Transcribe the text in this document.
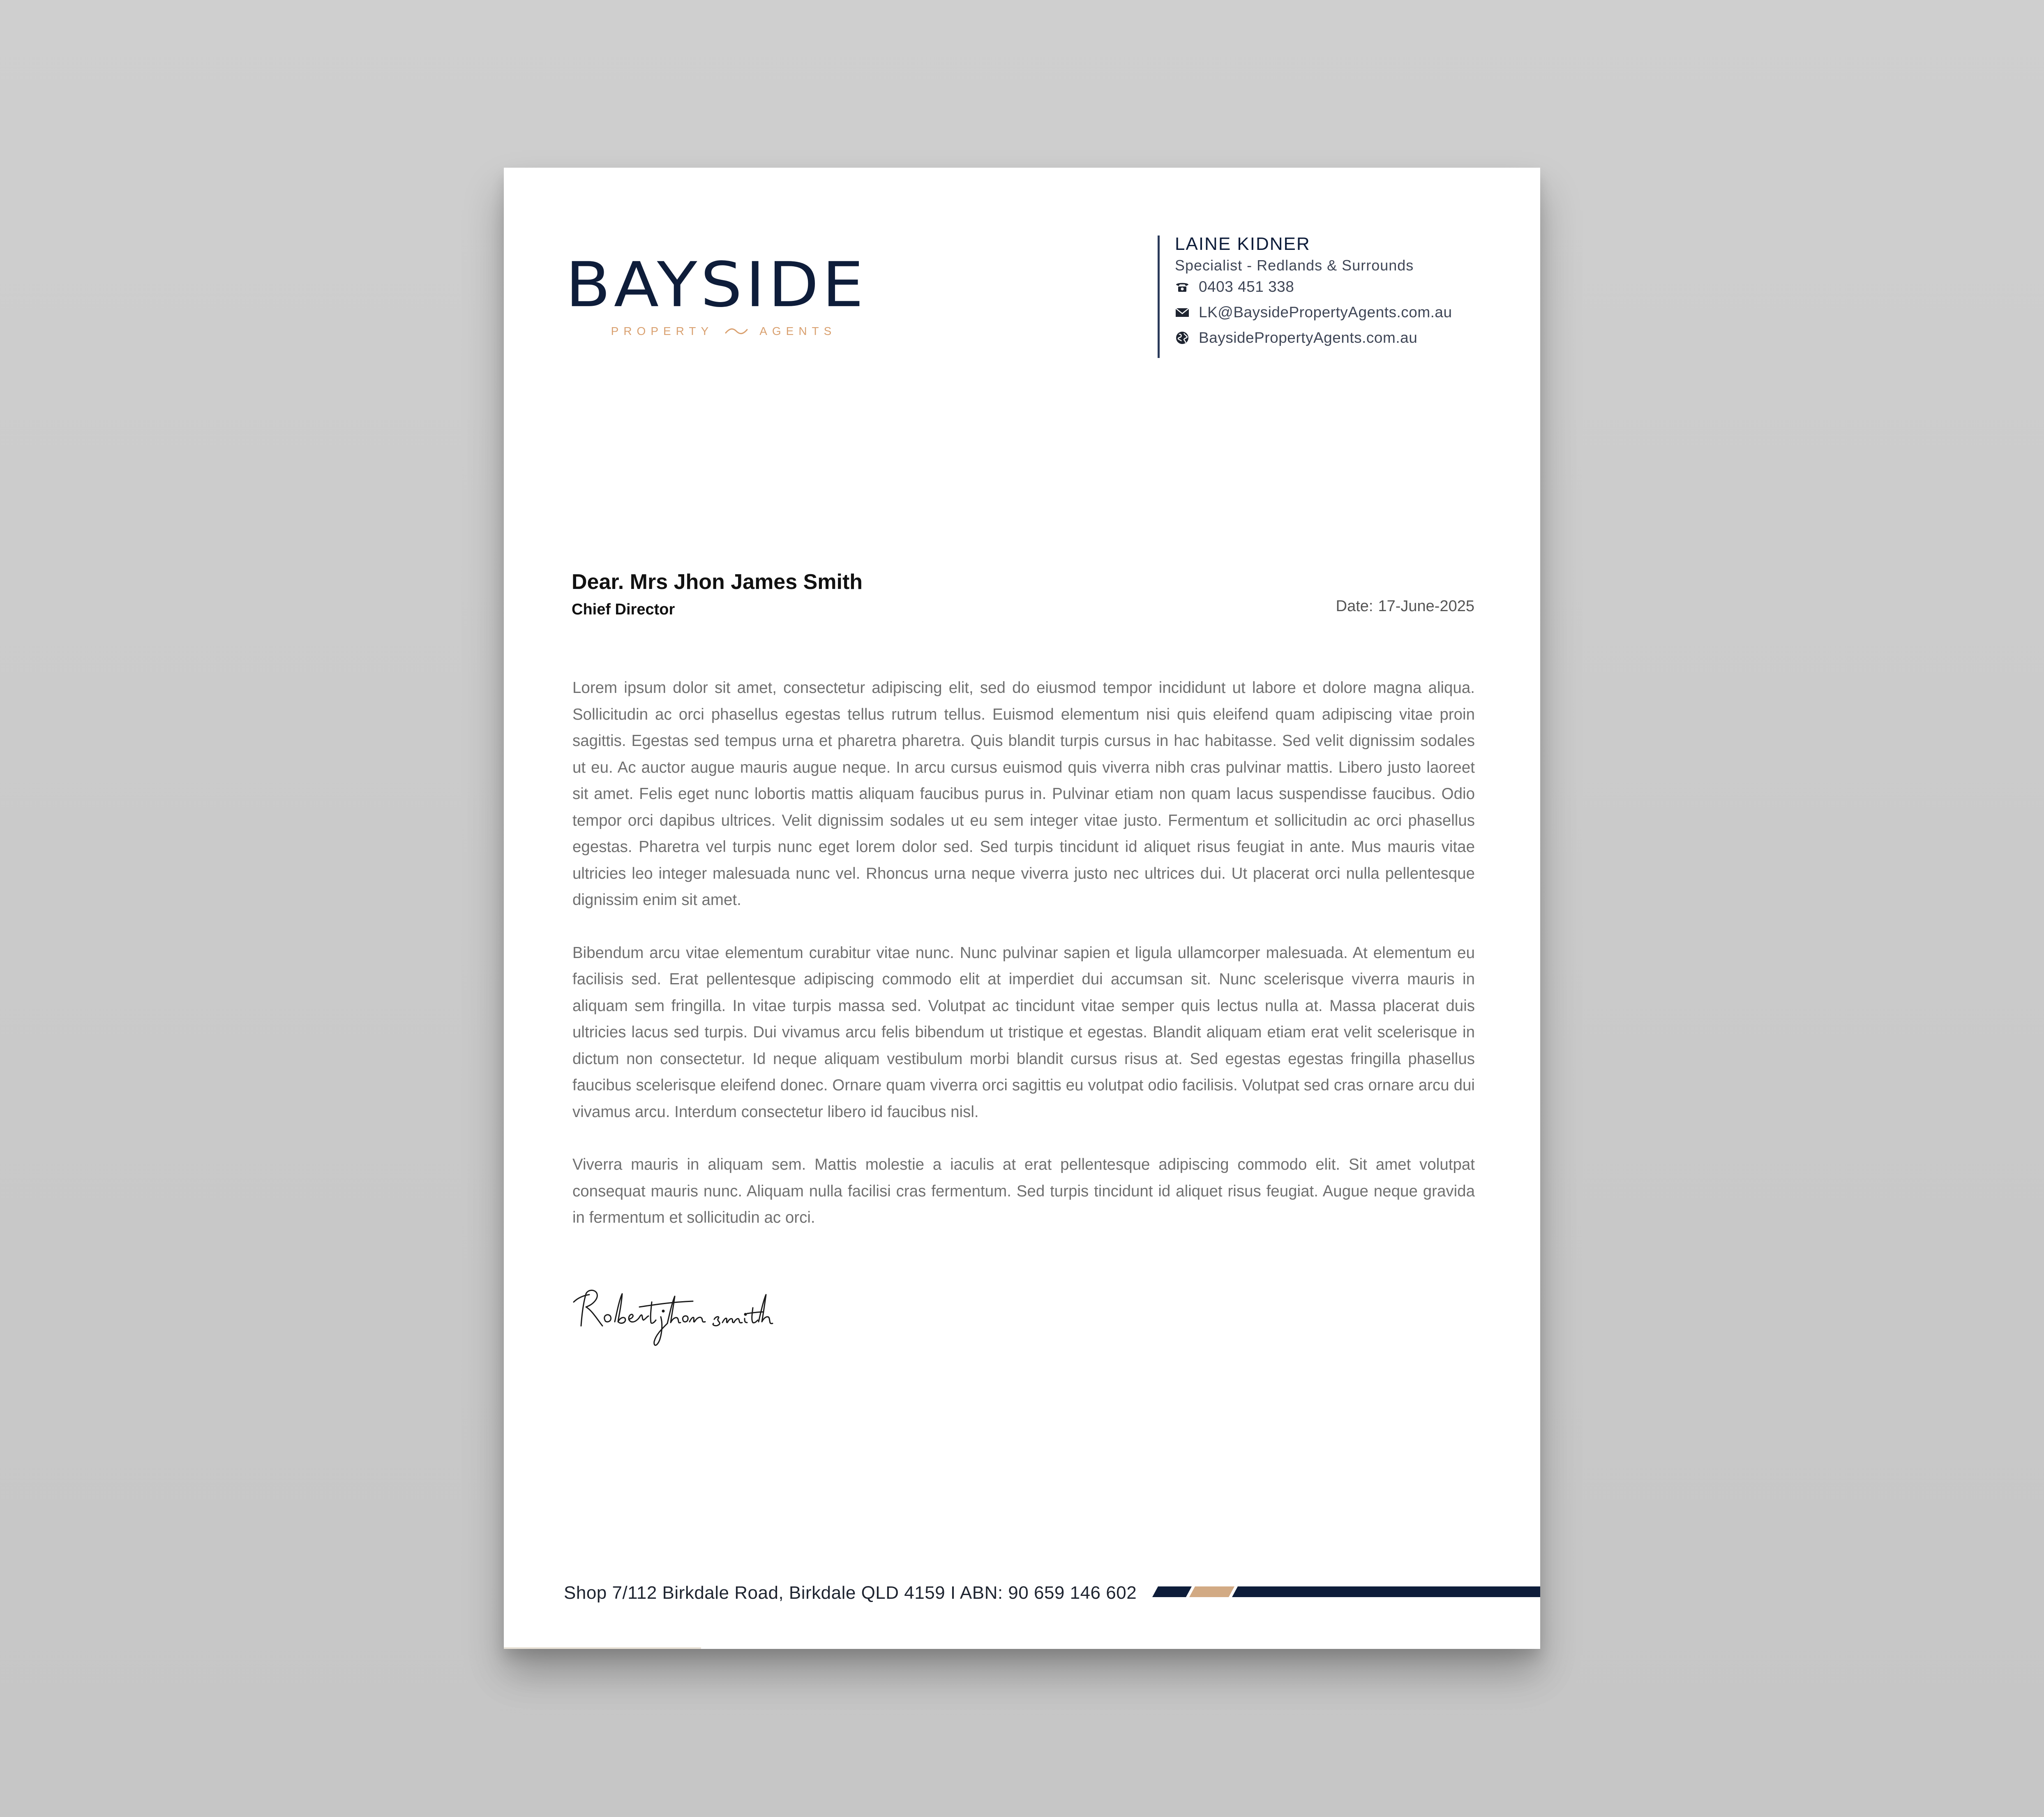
BAYSIDE
PROPERTY	AGENTS
LAINE KIDNER
Specialist - Redlands & Surrounds
0403 451 338
LK@BaysidePropertyAgents.com.au
BaysidePropertyAgents.com.au
Dear. Mrs Jhon James Smith
Chief Director	Date: 17-June-2025

Lorem ipsum dolor sit amet, consectetur adipiscing elit, sed do eiusmod tempor incididunt ut labore et dolore magna aliqua. Sollicitudin ac orci phasellus egestas tellus rutrum tellus. Euismod elementum nisi quis eleifend quam adipiscing vitae proin sagittis. Egestas sed tempus urna et pharetra pharetra. Quis blandit turpis cursus in hac habitasse. Sed velit dignissim sodales ut eu. Ac auctor augue mauris augue neque. In arcu cursus euismod quis viverra nibh cras pulvinar mattis. Libero justo laoreet sit amet. Felis eget nunc lobortis mattis aliquam faucibus purus in. Pulvinar etiam non quam lacus suspendisse faucibus. Odio tempor orci dapibus ultrices. Velit dignissim sodales ut eu sem integer vitae justo. Fermentum et sollicitudin ac orci phasellus egestas. Pharetra vel turpis nunc eget lorem dolor sed. Sed turpis tincidunt id aliquet risus feugiat in ante. Mus mauris vitae ultricies leo integer malesuada nunc vel. Rhoncus urna neque viverra justo nec ultrices dui. Ut placerat orci nulla pellentesque dignissim enim sit amet.

Bibendum arcu vitae elementum curabitur vitae nunc. Nunc pulvinar sapien et ligula ullamcorper malesuada. At elementum eu facilisis sed. Erat pellentesque adipiscing commodo elit at imperdiet dui accumsan sit. Nunc scelerisque viverra mauris in aliquam sem fringilla. In vitae turpis massa sed. Volutpat ac tincidunt vitae semper quis lectus nulla at. Massa placerat duis ultricies lacus sed turpis. Dui vivamus arcu felis bibendum ut tristique et egestas. Blandit aliquam etiam erat velit scelerisque in dictum non consectetur. Id neque aliquam vestibulum morbi blandit cursus risus at. Sed egestas egestas fringilla phasellus faucibus scelerisque eleifend donec. Ornare quam viverra orci sagittis eu volutpat odio facilisis. Volutpat sed cras ornare arcu dui vivamus arcu. Interdum consectetur libero id faucibus nisl.

Viverra mauris in aliquam sem. Mattis molestie a iaculis at erat pellentesque adipiscing commodo elit. Sit amet volutpat consequat mauris nunc. Aliquam nulla facilisi cras fermentum. Sed turpis tincidunt id aliquet risus feugiat. Augue neque gravida in fermentum et sollicitudin ac orci.

Shop 7/112 Birkdale Road, Birkdale QLD 4159 I ABN: 90 659 146 602
